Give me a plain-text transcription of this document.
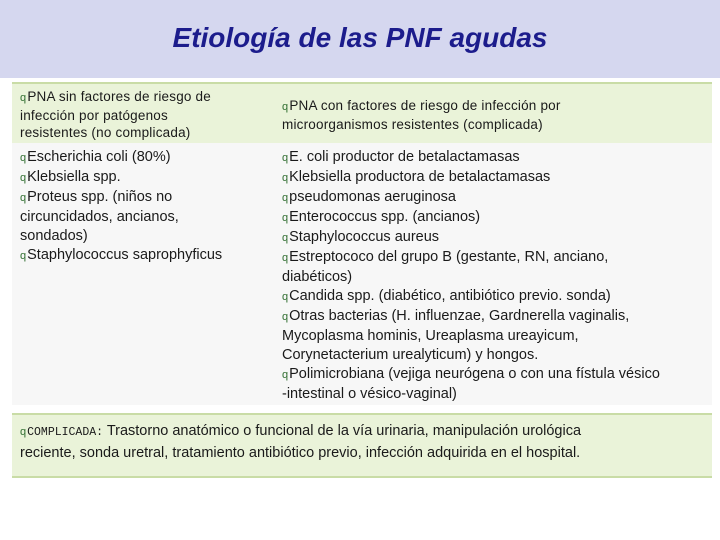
Etiología de las PNF agudas
qPNA sin factores de riesgo de
infección por patógenos
resistentes (no complicada)
qPNA con factores de riesgo de infección por
microorganismos resistentes (complicada)
qEscherichia coli (80%)
qKlebsiella spp.
qProteus spp. (niños no
circuncidados, ancianos,
sondados)
qStaphylococcus saprophyficus
qE. coli productor de betalactamasas
qKlebsiella productora de betalactamasas
qpseudomonas aeruginosa
qEnterococcus spp. (ancianos)
qStaphylococcus aureus
qEstreptococo del grupo B (gestante, RN, anciano,
diabéticos)
qCandida spp. (diabético, antibiótico previo. sonda)
qOtras bacterias (H. influenzae, Gardnerella vaginalis,
Mycoplasma hominis, Ureaplasma ureayicum,
Corynetacterium urealyticum) y hongos.
qPolimicrobiana (vejiga neurógena o con una fístula vésico
-intestinal o vésico-vaginal)
qCOMPLICADA: Trastorno anatómico o funcional de la vía urinaria, manipulación urológica
reciente, sonda uretral, tratamiento antibiótico previo, infección adquirida en el hospital.
